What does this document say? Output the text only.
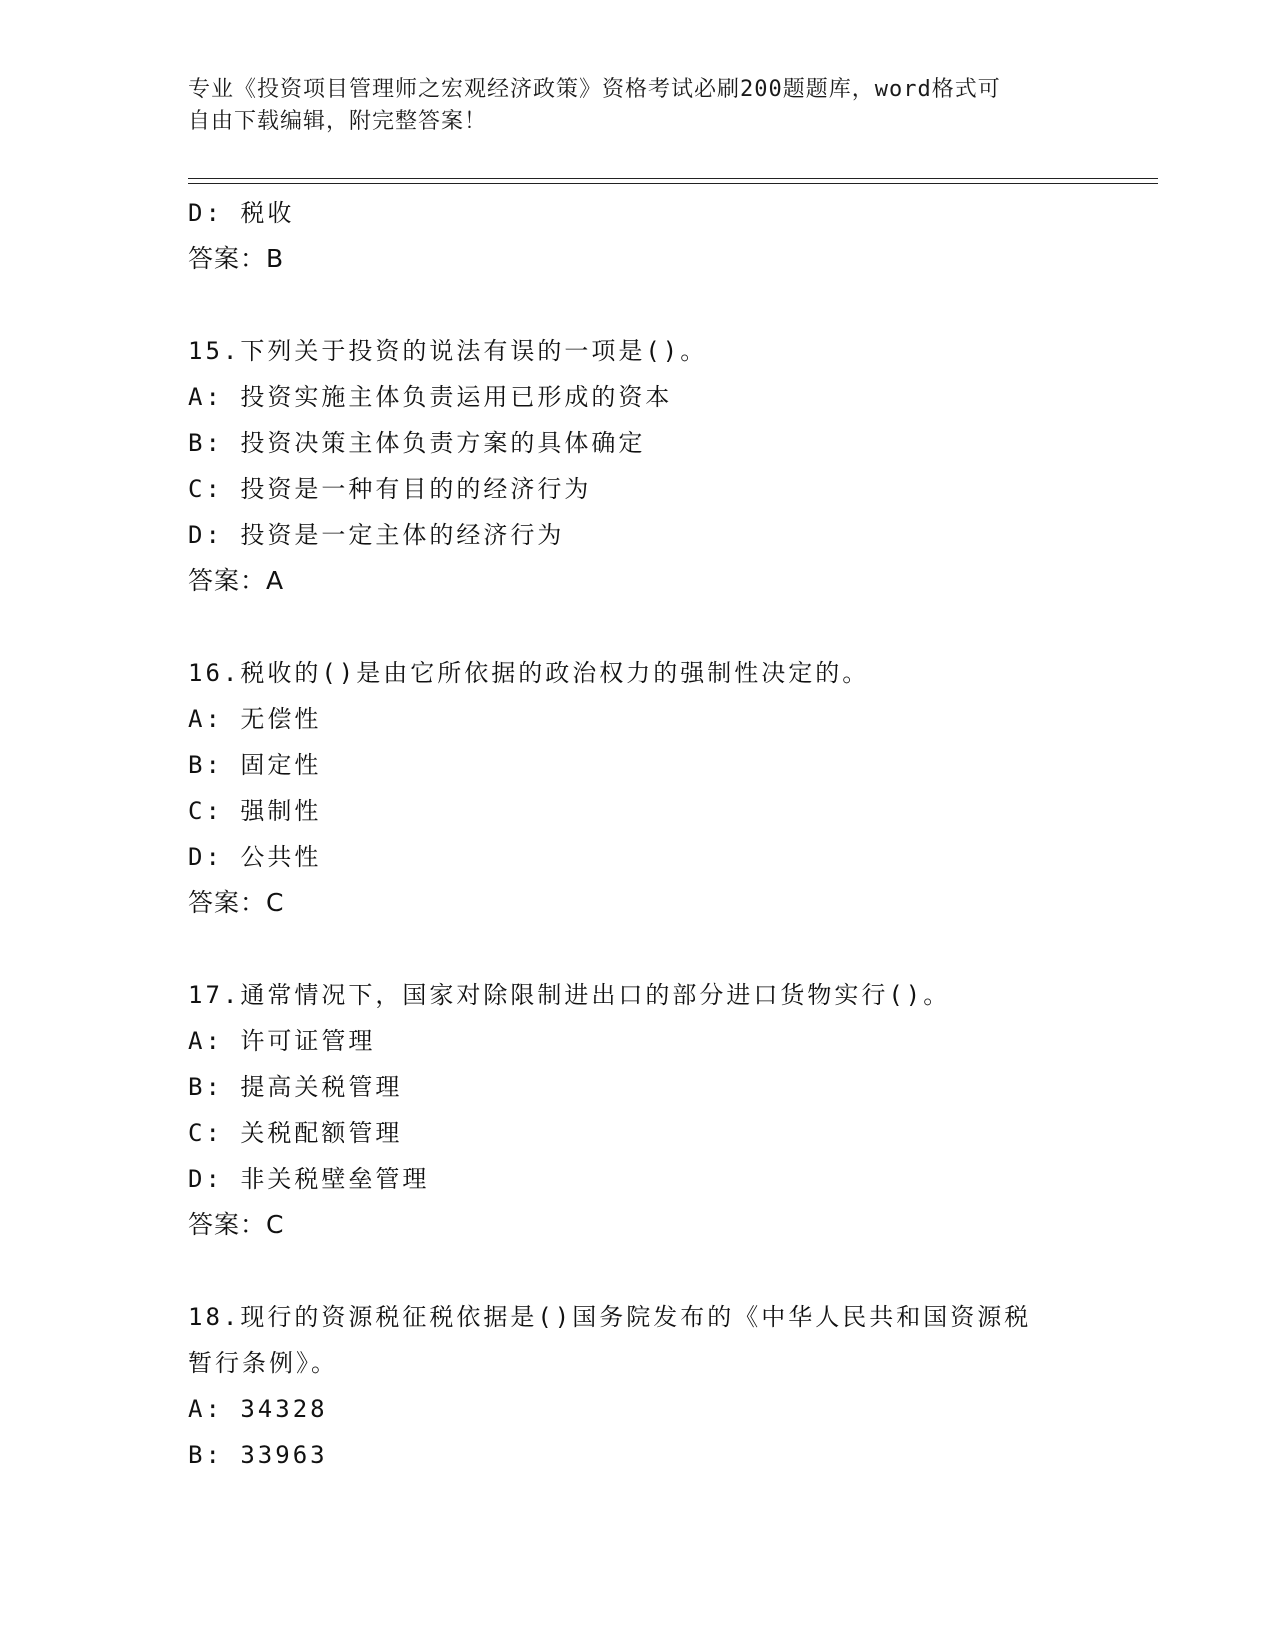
专业《投资项目管理师之宏观经济政策》资格考试必刷200题题库，word格式可
自由下载编辑，附完整答案！
D: 税收
答案：B
15.下列关于投资的说法有误的一项是()。
A: 投资实施主体负责运用已形成的资本
B: 投资决策主体负责方案的具体确定
C: 投资是一种有目的的经济行为
D: 投资是一定主体的经济行为
答案：A
16.税收的()是由它所依据的政治权力的强制性决定的。
A: 无偿性
B: 固定性
C: 强制性
D: 公共性
答案：C
17.通常情况下，国家对除限制进出口的部分进口货物实行()。
A: 许可证管理
B: 提高关税管理
C: 关税配额管理
D: 非关税壁垒管理
答案：C
18.现行的资源税征税依据是()国务院发布的《中华人民共和国资源税
暂行条例》。
A: 34328
B: 33963
